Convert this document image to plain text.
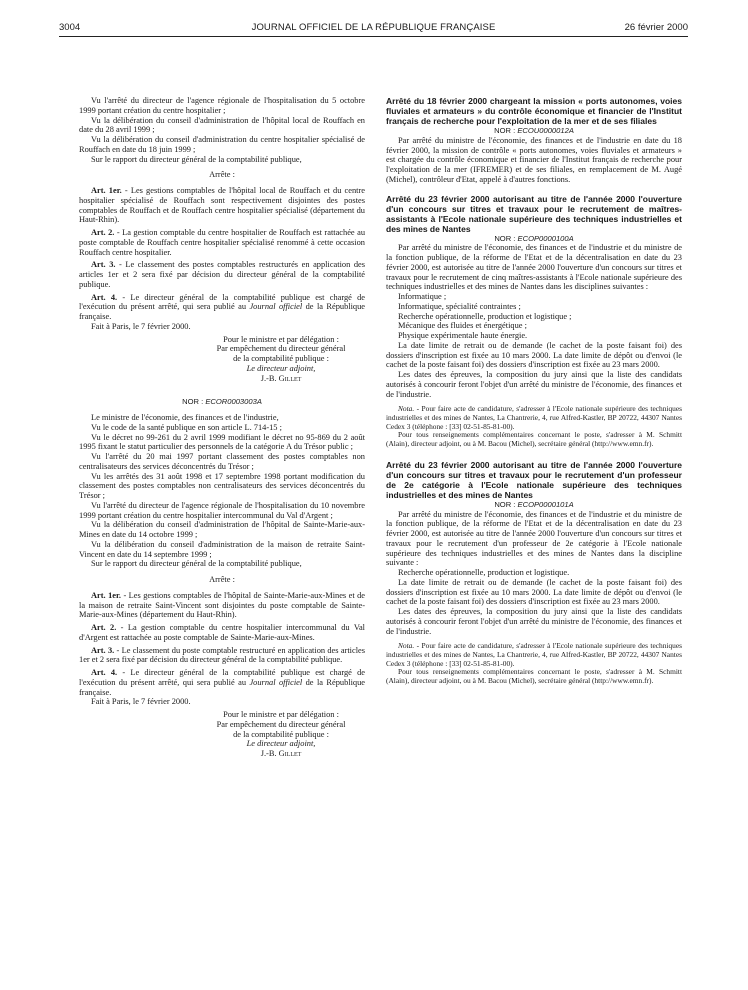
3004	JOURNAL OFFICIEL DE LA RÉPUBLIQUE FRANÇAISE	26 février 2000

Vu l'arrêté du directeur de l'agence régionale de l'hospitalisation du 5 octobre 1999 portant création du centre hospitalier ;

Vu la délibération du conseil d'administration de l'hôpital local de Rouffach en date du 28 avril 1999 ;

Vu la délibération du conseil d'administration du centre hospitalier spécialisé de Rouffach en date du 18 juin 1999 ;

Sur le rapport du directeur général de la comptabilité publique,

Arrête :

Art. 1er. - Les gestions comptables de l'hôpital local de Rouffach et du centre hospitalier spécialisé de Rouffach sont respectivement disjointes des postes comptables de Rouffach et de Rouffach centre hospitalier spécialisé (département du Haut-Rhin).

Art. 2. - La gestion comptable du centre hospitalier de Rouffach est rattachée au poste comptable de Rouffach centre hospitalier spécialisé renommé à cette occasion Rouffach centre hospitalier.

Art. 3. - Le classement des postes comptables restructurés en application des articles 1er et 2 sera fixé par décision du directeur général de la comptabilité publique.

Art. 4. - Le directeur général de la comptabilité publique est chargé de l'exécution du présent arrêté, qui sera publié au Journal officiel de la République française.

Fait à Paris, le 7 février 2000.

Pour le ministre et par délégation :
Par empêchement du directeur général
de la comptabilité publique :
Le directeur adjoint,
J.-B. Gillet

NOR : ECOR0003003A

Le ministre de l'économie, des finances et de l'industrie,

Vu le code de la santé publique en son article L. 714-15 ;

Vu le décret no 99-261 du 2 avril 1999 modifiant le décret no 95-869 du 2 août 1995 fixant le statut particulier des personnels de la catégorie A du Trésor public ;

Vu l'arrêté du 20 mai 1997 portant classement des postes comptables non centralisateurs des services déconcentrés du Trésor ;

Vu les arrêtés des 31 août 1998 et 17 septembre 1998 portant modification du classement des postes comptables non centralisateurs des services déconcentrés du Trésor ;

Vu l'arrêté du directeur de l'agence régionale de l'hospitalisation du 10 novembre 1999 portant création du centre hospitalier intercommunal du Val d'Argent ;

Vu la délibération du conseil d'administration de l'hôpital de Sainte-Marie-aux-Mines en date du 14 octobre 1999 ;

Vu la délibération du conseil d'administration de la maison de retraite Saint-Vincent en date du 14 septembre 1999 ;

Sur le rapport du directeur général de la comptabilité publique,

Arrête :

Art. 1er. - Les gestions comptables de l'hôpital de Sainte-Marie-aux-Mines et de la maison de retraite Saint-Vincent sont disjointes du poste comptable de Sainte-Marie-aux-Mines (département du Haut-Rhin).

Art. 2. - La gestion comptable du centre hospitalier intercommunal du Val d'Argent est rattachée au poste comptable de Sainte-Marie-aux-Mines.

Art. 3. - Le classement du poste comptable restructuré en application des articles 1er et 2 sera fixé par décision du directeur général de la comptabilité publique.

Art. 4. - Le directeur général de la comptabilité publique est chargé de l'exécution du présent arrêté, qui sera publié au Journal officiel de la République française.

Fait à Paris, le 7 février 2000.

Pour le ministre et par délégation :
Par empêchement du directeur général
de la comptabilité publique :
Le directeur adjoint,
J.-B. Gillet

Arrêté du 18 février 2000 chargeant la mission « ports autonomes, voies fluviales et armateurs » du contrôle économique et financier de l'Institut français de recherche pour l'exploitation de la mer et de ses filiales

NOR : ECOU0000012A

Par arrêté du ministre de l'économie, des finances et de l'industrie en date du 18 février 2000, la mission de contrôle « ports autonomes, voies fluviales et armateurs » est chargée du contrôle économique et financier de l'Institut français de recherche pour l'exploitation de la mer (IFREMER) et de ses filiales, en remplacement de M. Augé (Michel), contrôleur d'Etat, appelé à d'autres fonctions.

Arrêté du 23 février 2000 autorisant au titre de l'année 2000 l'ouverture d'un concours sur titres et travaux pour le recrutement de maîtres-assistants à l'Ecole nationale supérieure des techniques industrielles et des mines de Nantes

NOR : ECOP0000100A

Par arrêté du ministre de l'économie, des finances et de l'industrie et du ministre de la fonction publique, de la réforme de l'Etat et de la décentralisation en date du 23 février 2000, est autorisée au titre de l'année 2000 l'ouverture d'un concours sur titres et travaux pour le recrutement de cinq maîtres-assistants à l'Ecole nationale supérieure des techniques industrielles et des mines de Nantes dans les disciplines suivantes :

Informatique ;

Informatique, spécialité contraintes ;

Recherche opérationnelle, production et logistique ;

Mécanique des fluides et énergétique ;

Physique expérimentale haute énergie.

La date limite de retrait ou de demande (le cachet de la poste faisant foi) des dossiers d'inscription est fixée au 10 mars 2000. La date limite de dépôt ou d'envoi (le cachet de la poste faisant foi) des dossiers d'inscription est fixée au 23 mars 2000.

Les dates des épreuves, la composition du jury ainsi que la liste des candidats autorisés à concourir feront l'objet d'un arrêté du ministre de l'économie, des finances et de l'industrie.

Nota. - Pour faire acte de candidature, s'adresser à l'Ecole nationale supérieure des techniques industrielles et des mines de Nantes, La Chantrerie, 4, rue Alfred-Kastler, BP 20722, 44307 Nantes Cedex 3 (téléphone : [33] 02-51-85-81-00).

Pour tous renseignements complémentaires concernant le poste, s'adresser à M. Schmitt (Alain), directeur adjoint, ou à M. Bacou (Michel), secrétaire général (http://www.emn.fr).

Arrêté du 23 février 2000 autorisant au titre de l'année 2000 l'ouverture d'un concours sur titres et travaux pour le recrutement d'un professeur de 2e catégorie à l'Ecole nationale supérieure des techniques industrielles et des mines de Nantes

NOR : ECOP0000101A

Par arrêté du ministre de l'économie, des finances et de l'industrie et du ministre de la fonction publique, de la réforme de l'Etat et de la décentralisation en date du 23 février 2000, est autorisée au titre de l'année 2000 l'ouverture d'un concours sur titres et travaux pour le recrutement d'un professeur de 2e catégorie à l'Ecole nationale supérieure des techniques industrielles et des mines de Nantes dans la discipline suivante :

Recherche opérationnelle, production et logistique.

La date limite de retrait ou de demande (le cachet de la poste faisant foi) des dossiers d'inscription est fixée au 10 mars 2000. La date limite de dépôt ou d'envoi (le cachet de la poste faisant foi) des dossiers d'inscription est fixée au 23 mars 2000.

Les dates des épreuves, la composition du jury ainsi que la liste des candidats autorisés à concourir feront l'objet d'un arrêté du ministre de l'économie, des finances et de l'industrie.

Nota. - Pour faire acte de candidature, s'adresser à l'Ecole nationale supérieure des techniques industrielles et des mines de Nantes, La Chantrerie, 4, rue Alfred-Kastler, BP 20722, 44307 Nantes Cedex 3 (téléphone : [33] 02-51-85-81-00).

Pour tous renseignements complémentaires concernant le poste, s'adresser à M. Schmitt (Alain), directeur adjoint, ou à M. Bacou (Michel), secrétaire général (http://www.emn.fr).
